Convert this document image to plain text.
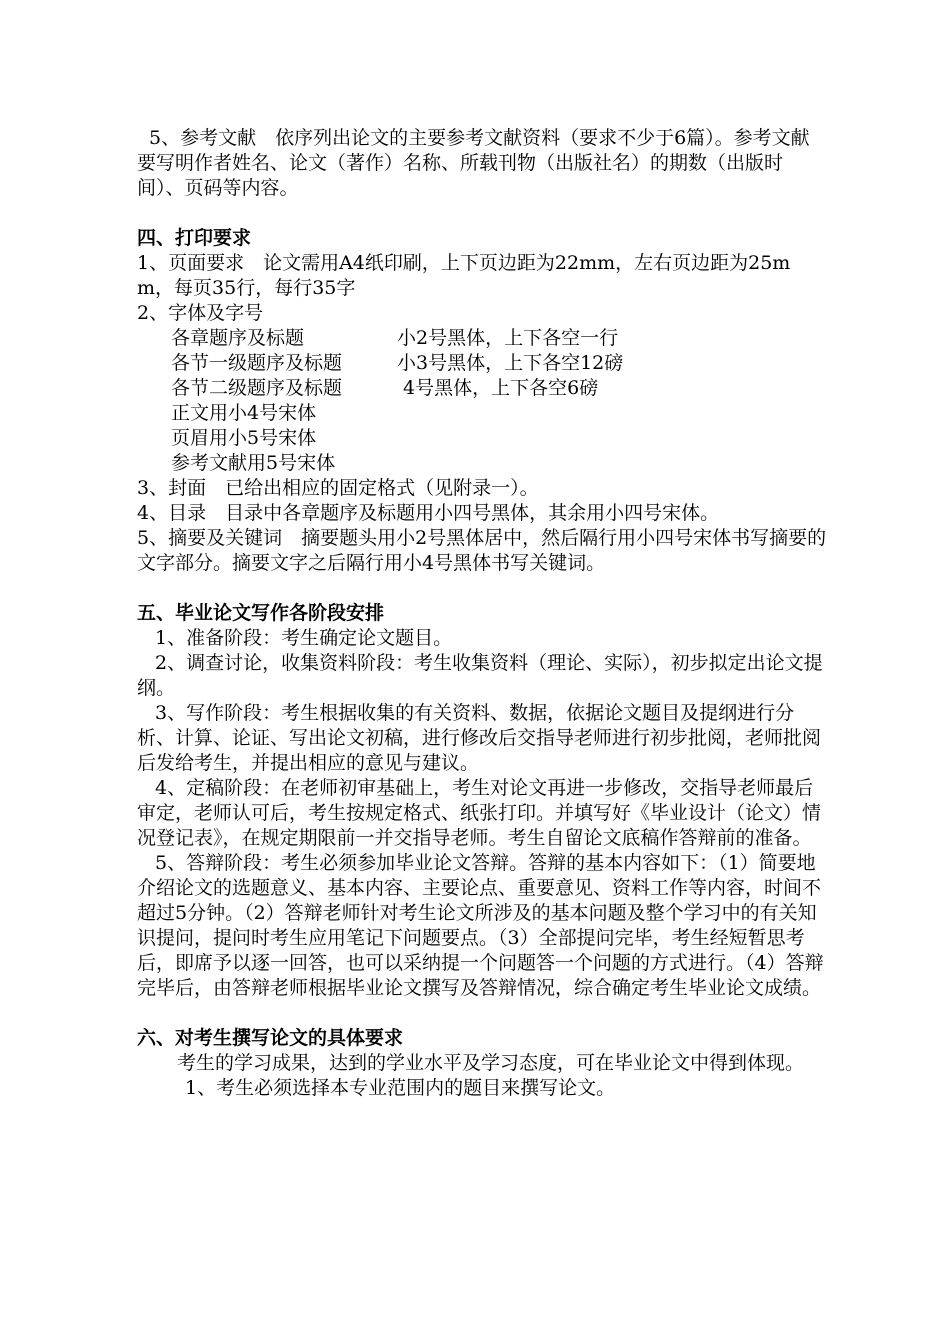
5、参考文献　依序列出论文的主要参考文献资料（要求不少于6篇）。参考文献要写明作者姓名、论文（著作）名称、所载刊物（出版社名）的期数（出版时间）、页码等内容。

四、打印要求

1、页面要求　论文需用A4纸印刷，上下页边距为22mm，左右页边距为25mm，每页35行，每行35字

2、字体及字号

各章题序及标题	小2号黑体，上下各空一行
各节一级题序及标题	小3号黑体，上下各空12磅
各节二级题序及标题	4号黑体，上下各空6磅

正文用小4号宋体

页眉用小5号宋体

参考文献用5号宋体

3、封面　已给出相应的固定格式（见附录一）。

4、目录　目录中各章题序及标题用小四号黑体，其余用小四号宋体。

5、摘要及关键词　摘要题头用小2号黑体居中，然后隔行用小四号宋体书写摘要的文字部分。摘要文字之后隔行用小4号黑体书写关键词。

五、毕业论文写作各阶段安排

1、准备阶段：考生确定论文题目。

2、调查讨论，收集资料阶段：考生收集资料（理论、实际），初步拟定出论文提纲。

3、写作阶段：考生根据收集的有关资料、数据，依据论文题目及提纲进行分析、计算、论证、写出论文初稿，进行修改后交指导老师进行初步批阅，老师批阅后发给考生，并提出相应的意见与建议。

4、定稿阶段：在老师初审基础上，考生对论文再进一步修改，交指导老师最后审定，老师认可后，考生按规定格式、纸张打印。并填写好《毕业设计（论文）情况登记表》，在规定期限前一并交指导老师。考生自留论文底稿作答辩前的准备。

5、答辩阶段：考生必须参加毕业论文答辩。答辩的基本内容如下：（1）简要地介绍论文的选题意义、基本内容、主要论点、重要意见、资料工作等内容，时间不超过5分钟。（2）答辩老师针对考生论文所涉及的基本问题及整个学习中的有关知识提问，提问时考生应用笔记下问题要点。（3）全部提问完毕，考生经短暂思考后，即席予以逐一回答，也可以采纳提一个问题答一个问题的方式进行。（4）答辩完毕后，由答辩老师根据毕业论文撰写及答辩情况，综合确定考生毕业论文成绩。

六、对考生撰写论文的具体要求

考生的学习成果，达到的学业水平及学习态度，可在毕业论文中得到体现。

1、考生必须选择本专业范围内的题目来撰写论文。
